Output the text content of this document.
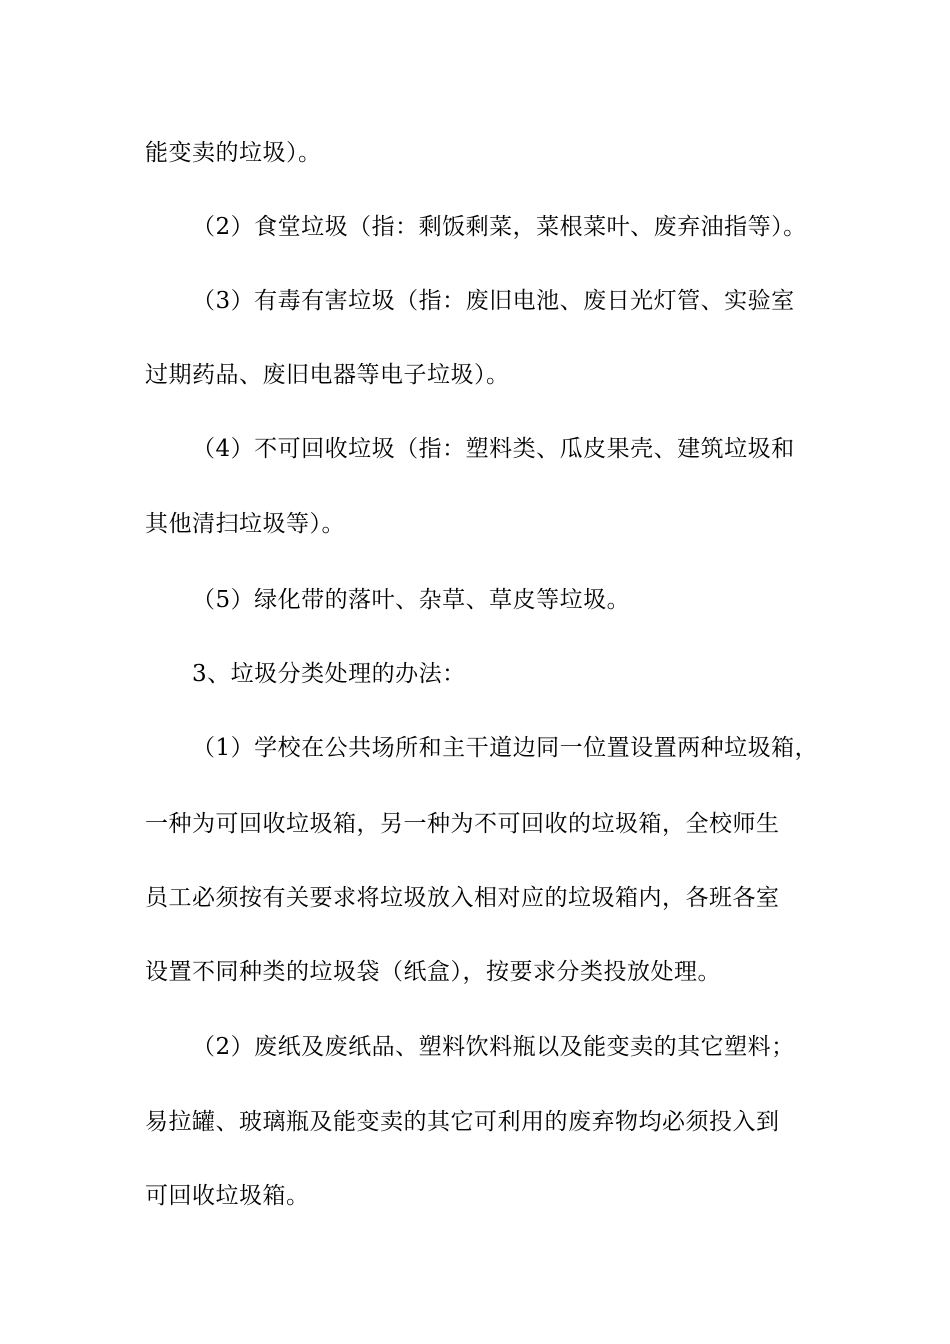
能变卖的垃圾）。
（2）食堂垃圾（指：剩饭剩菜，菜根菜叶、废弃油指等）。
（3）有毒有害垃圾（指：废旧电池、废日光灯管、实验室
过期药品、废旧电器等电子垃圾）。
（4）不可回收垃圾（指：塑料类、瓜皮果壳、建筑垃圾和
其他清扫垃圾等）。
（5）绿化带的落叶、杂草、草皮等垃圾。
3、垃圾分类处理的办法：
（1）学校在公共场所和主干道边同一位置设置两种垃圾箱，
一种为可回收垃圾箱，另一种为不可回收的垃圾箱，全校师生
员工必须按有关要求将垃圾放入相对应的垃圾箱内，各班各室
设置不同种类的垃圾袋（纸盒），按要求分类投放处理。
（2）废纸及废纸品、塑料饮料瓶以及能变卖的其它塑料；
易拉罐、玻璃瓶及能变卖的其它可利用的废弃物均必须投入到
可回收垃圾箱。
